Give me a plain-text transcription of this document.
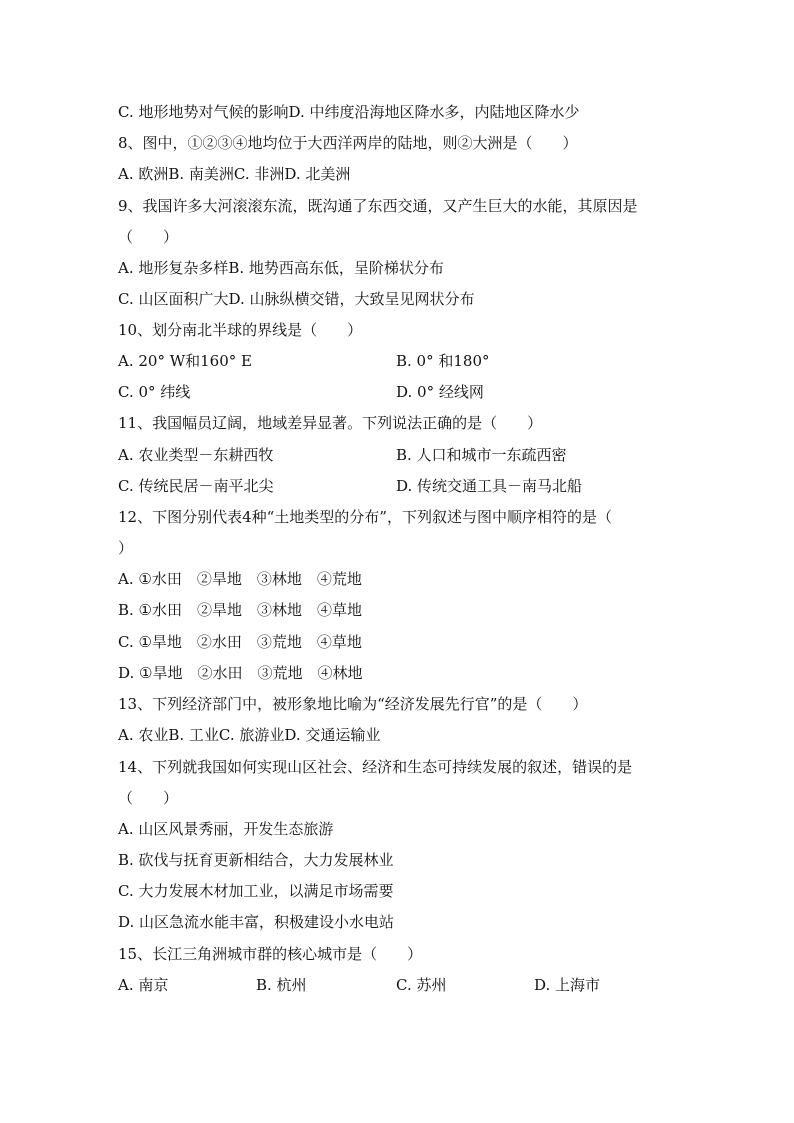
C. 地形地势对气候的影响D. 中纬度沿海地区降水多，内陆地区降水少
8、图中，①②③④地均位于大西洋两岸的陆地，则②大洲是（　　）
A. 欧洲B. 南美洲C. 非洲D. 北美洲
9、我国许多大河滚滚东流，既沟通了东西交通，又产生巨大的水能，其原因是
（　　）
A. 地形复杂多样B. 地势西高东低，呈阶梯状分布
C. 山区面积广大D. 山脉纵横交错，大致呈见网状分布
10、划分南北半球的界线是（　　）
A. 20° W和160° E	B. 0° 和180°
C. 0° 纬线	D. 0° 经线网
11、我国幅员辽阔，地域差异显著。下列说法正确的是（　　）
A. 农业类型－东耕西牧	B. 人口和城市一东疏西密
C. 传统民居－南平北尖	D. 传统交通工具－南马北船
12、下图分别代表4种“土地类型的分布”，下列叙述与图中顺序相符的是（
）
A. ①水田　②旱地　③林地　④荒地
B. ①水田　②旱地　③林地　④草地
C. ①旱地　②水田　③荒地　④草地
D. ①旱地　②水田　③荒地　④林地
13、下列经济部门中，被形象地比喻为“经济发展先行官”的是（　　）
A. 农业B. 工业C. 旅游业D. 交通运输业
14、下列就我国如何实现山区社会、经济和生态可持续发展的叙述，错误的是
（　　）
A. 山区风景秀丽，开发生态旅游
B. 砍伐与抚育更新相结合，大力发展林业
C. 大力发展木材加工业，以满足市场需要
D. 山区急流水能丰富，积极建设小水电站
15、长江三角洲城市群的核心城市是（　　）
A. 南京	B. 杭州	C. 苏州	D. 上海市
